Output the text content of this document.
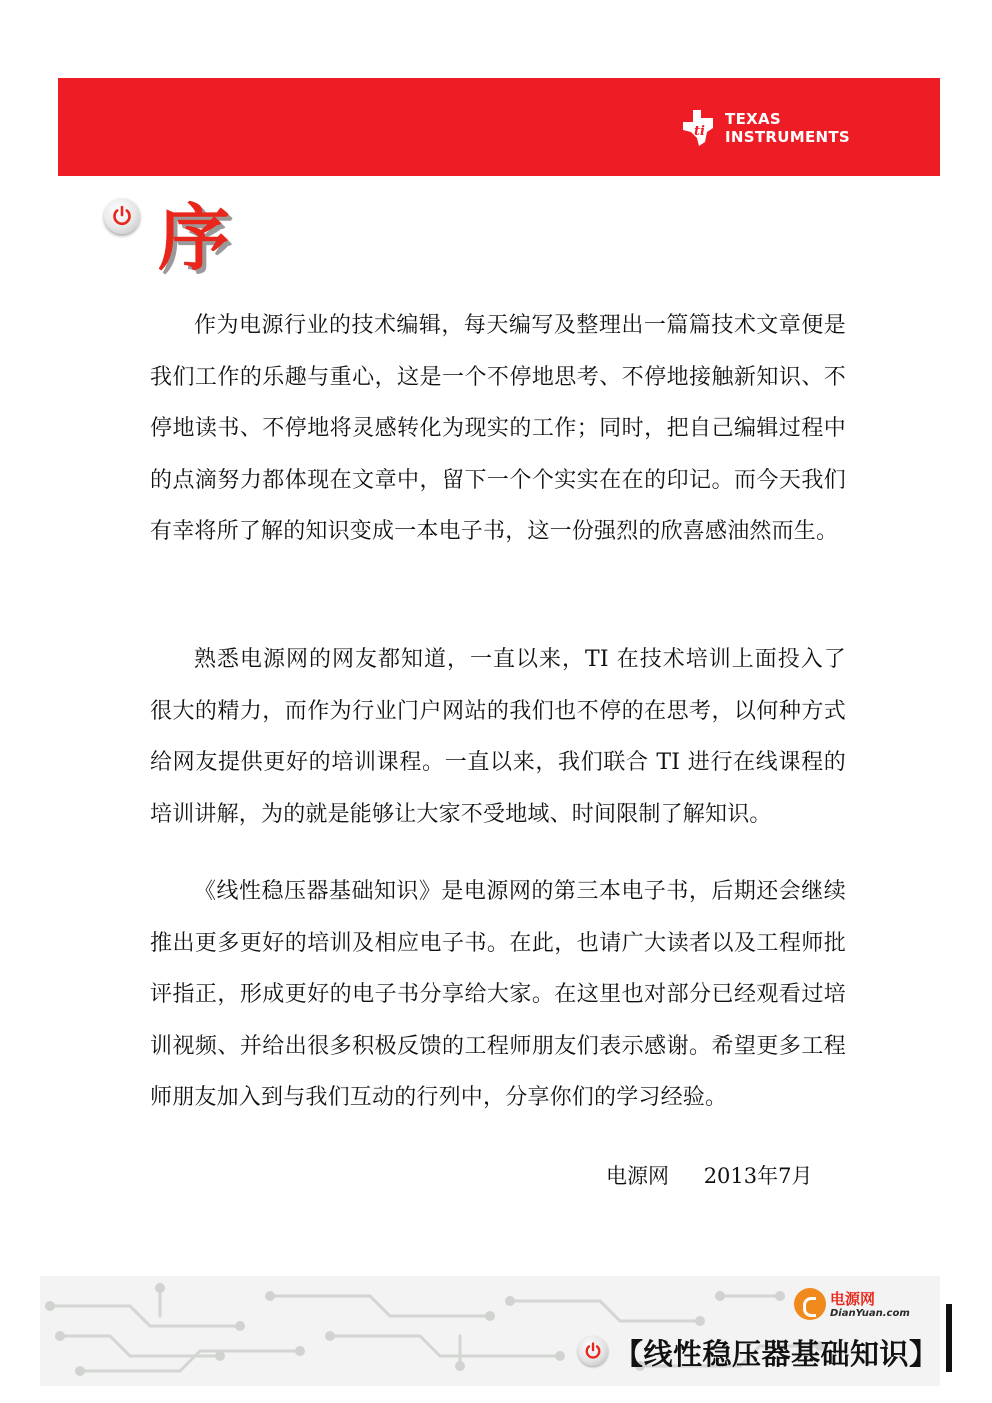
ti
TEXAS
INSTRUMENTS
序

作为电源行业的技术编辑，每天编写及整理出一篇篇技术文章便是我们工作的乐趣与重心，这是一个不停地思考、不停地接触新知识、不停地读书、不停地将灵感转化为现实的工作；同时，把自己编辑过程中的点滴努力都体现在文章中，留下一个个实实在在的印记。而今天我们有幸将所了解的知识变成一本电子书，这一份强烈的欣喜感油然而生。

熟悉电源网的网友都知道，一直以来，TI 在技术培训上面投入了很大的精力，而作为行业门户网站的我们也不停的在思考，以何种方式给网友提供更好的培训课程。一直以来，我们联合 TI 进行在线课程的培训讲解，为的就是能够让大家不受地域、时间限制了解知识。

《线性稳压器基础知识》是电源网的第三本电子书，后期还会继续推出更多更好的培训及相应电子书。在此，也请广大读者以及工程师批评指正，形成更好的电子书分享给大家。在这里也对部分已经观看过培训视频、并给出很多积极反馈的工程师朋友们表示感谢。希望更多工程师朋友加入到与我们互动的行列中，分享你们的学习经验。

电源网 2013年7月
电源网
DianYuan.com
【线性稳压器基础知识】
